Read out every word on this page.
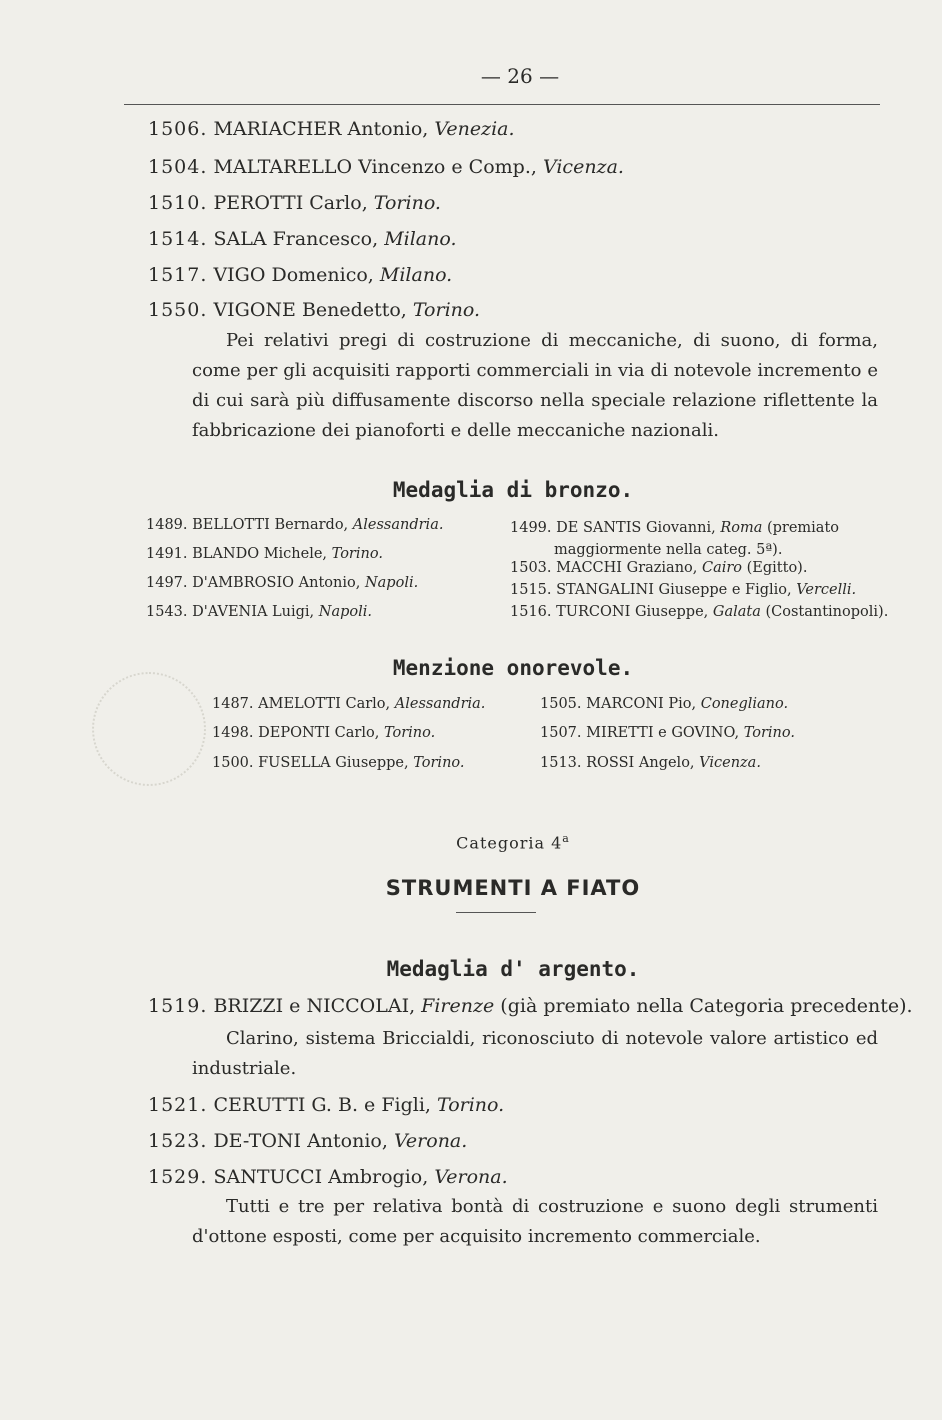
— 26 —
1506. MARIACHER Antonio, Venezia.
1504. MALTARELLO Vincenzo e Comp., Vicenza.
1510. PEROTTI Carlo, Torino.
1514. SALA Francesco, Milano.
1517. VIGO Domenico, Milano.
1550. VIGONE Benedetto, Torino.
Pei relativi pregi di costruzione di meccaniche, di suono, di forma, come per gli acquisiti rapporti commerciali in via di notevole incremento e di cui sarà più diffusamente discorso nella speciale relazione riflettente la fabbricazione dei pianoforti e delle meccaniche nazionali.
Medaglia di bronzo.
1489. BELLOTTI Bernardo, Alessandria.
1491. BLANDO Michele, Torino.
1497. D'AMBROSIO Antonio, Napoli.
1543. D'AVENIA Luigi, Napoli.
1499. DE SANTIS Giovanni, Roma (premiato
maggiormente nella categ. 5ª).
1503. MACCHI Graziano, Cairo (Egitto).
1515. STANGALINI Giuseppe e Figlio, Vercelli.
1516. TURCONI Giuseppe, Galata (Costantinopoli).
Menzione onorevole.
1487. AMELOTTI Carlo, Alessandria.
1498. DEPONTI Carlo, Torino.
1500. FUSELLA Giuseppe, Torino.
1505. MARCONI Pio, Conegliano.
1507. MIRETTI e GOVINO, Torino.
1513. ROSSI Angelo, Vicenza.
Categoria 4$^a$
STRUMENTI A FIATO
Medaglia d' argento.
1519. BRIZZI e NICCOLAI, Firenze (già premiato nella Categoria precedente).
Clarino, sistema Briccialdi, riconosciuto di notevole valore artistico ed industriale.
1521. CERUTTI G. B. e Figli, Torino.
1523. DE-TONI Antonio, Verona.
1529. SANTUCCI Ambrogio, Verona.
Tutti e tre per relativa bontà di costruzione e suono degli strumenti d'ottone esposti, come per acquisito incremento commerciale.
